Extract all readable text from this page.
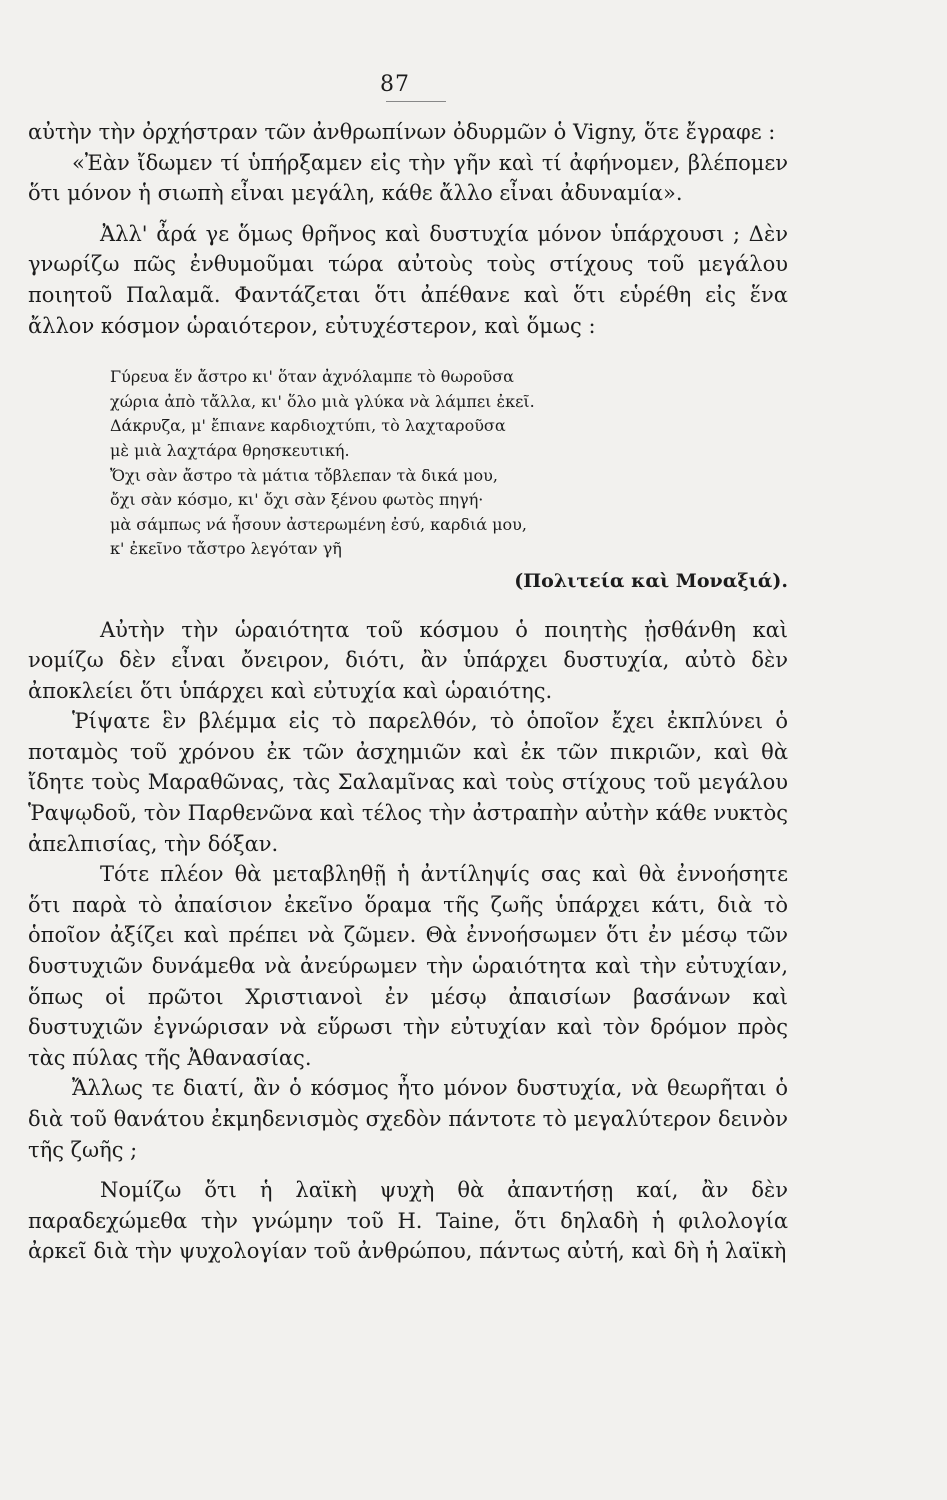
87

αὐτὴν τὴν ὀρχήστραν τῶν ἀνθρωπίνων ὀδυρμῶν ὁ Vigny, ὅτε ἔγραφε :

«Ἐὰν ἴδωμεν τί ὑπήρξαμεν εἰς τὴν γῆν καὶ τί ἀφήνομεν, βλέπομεν ὅτι μόνον ἡ σιωπὴ εἶναι μεγάλη, κάθε ἄλλο εἶναι ἀδυναμία».

Ἀλλ' ἆρά γε ὅμως θρῆνος καὶ δυστυχία μόνον ὑπάρχουσι ; Δὲν γνωρίζω πῶς ἐνθυμοῦμαι τώρα αὐτοὺς τοὺς στίχους τοῦ μεγάλου ποιητοῦ Παλαμᾶ. Φαντάζεται ὅτι ἀπέθανε καὶ ὅτι εὑρέθη εἰς ἕνα ἄλλον κόσμον ὡραιότερον, εὐτυχέστερον, καὶ ὅμως :

Γύρευα ἕν ἄστρο κι' ὅταν ἀχνόλαμπε τὸ θωροῦσα
χώρια ἀπὸ τἄλλα, κι' ὅλο μιὰ γλύκα νὰ λάμπει ἐκεῖ.
Δάκρυζα, μ' ἔπιανε καρδιοχτύπι, τὸ λαχταροῦσα
μὲ μιὰ λαχτάρα θρησκευτική.
Ὄχι σὰν ἄστρο τὰ μάτια τὄβλεπαν τὰ δικά μου,
ὄχι σὰν κόσμο, κι' ὄχι σὰν ξένου φωτὸς πηγή·
μὰ σάμπως νά ἦσουν ἀστερωμένη ἐσύ, καρδιά μου,
κ' ἐκεῖνο τἄστρο λεγόταν γῆ
(Πολιτεία καὶ Μοναξιά).

Αὐτὴν τὴν ὡραιότητα τοῦ κόσμου ὁ ποιητὴς ᾐσθάνθη καὶ νομίζω δὲν εἶναι ὄνειρον, διότι, ἂν ὑπάρχει δυστυχία, αὐτὸ δὲν ἀποκλείει ὅτι ὑπάρχει καὶ εὐτυχία καὶ ὡραιότης.

Ῥίψατε ἓν βλέμμα εἰς τὸ παρελθόν, τὸ ὁποῖον ἔχει ἐκπλύνει ὁ ποταμὸς τοῦ χρόνου ἐκ τῶν ἀσχημιῶν καὶ ἐκ τῶν πικριῶν, καὶ θὰ ἴδητε τοὺς Μαραθῶνας, τὰς Σαλαμῖνας καὶ τοὺς στίχους τοῦ μεγάλου Ῥαψῳδοῦ, τὸν Παρθενῶνα καὶ τέλος τὴν ἀστραπὴν αὐτὴν κάθε νυκτὸς ἀπελπισίας, τὴν δόξαν.

Τότε πλέον θὰ μεταβληθῇ ἡ ἀντίληψίς σας καὶ θὰ ἐννοήσητε ὅτι παρὰ τὸ ἀπαίσιον ἐκεῖνο ὅραμα τῆς ζωῆς ὑπάρχει κάτι, διὰ τὸ ὁποῖον ἀξίζει καὶ πρέπει νὰ ζῶμεν. Θὰ ἐννοήσωμεν ὅτι ἐν μέσῳ τῶν δυστυχιῶν δυνάμεθα νὰ ἀνεύρωμεν τὴν ὡραιότητα καὶ τὴν εὐτυχίαν, ὅπως οἱ πρῶτοι Χριστιανοὶ ἐν μέσῳ ἀπαισίων βασάνων καὶ δυστυχιῶν ἐγνώρισαν νὰ εὕρωσι τὴν εὐτυχίαν καὶ τὸν δρόμον πρὸς τὰς πύλας τῆς Ἀθανασίας.

Ἄλλως τε διατί, ἂν ὁ κόσμος ἦτο μόνον δυστυχία, νὰ θεωρῆται ὁ διὰ τοῦ θανάτου ἐκμηδενισμὸς σχεδὸν πάντοτε τὸ μεγαλύτερον δεινὸν τῆς ζωῆς ;

Νομίζω ὅτι ἡ λαϊκὴ ψυχὴ θὰ ἀπαντήσῃ καί, ἂν δὲν παραδεχώμεθα τὴν γνώμην τοῦ H. Taine, ὅτι δηλαδὴ ἡ φιλολογία ἀρκεῖ διὰ τὴν ψυχολογίαν τοῦ ἀνθρώπου, πάντως αὐτή, καὶ δὴ ἡ λαϊκὴ
